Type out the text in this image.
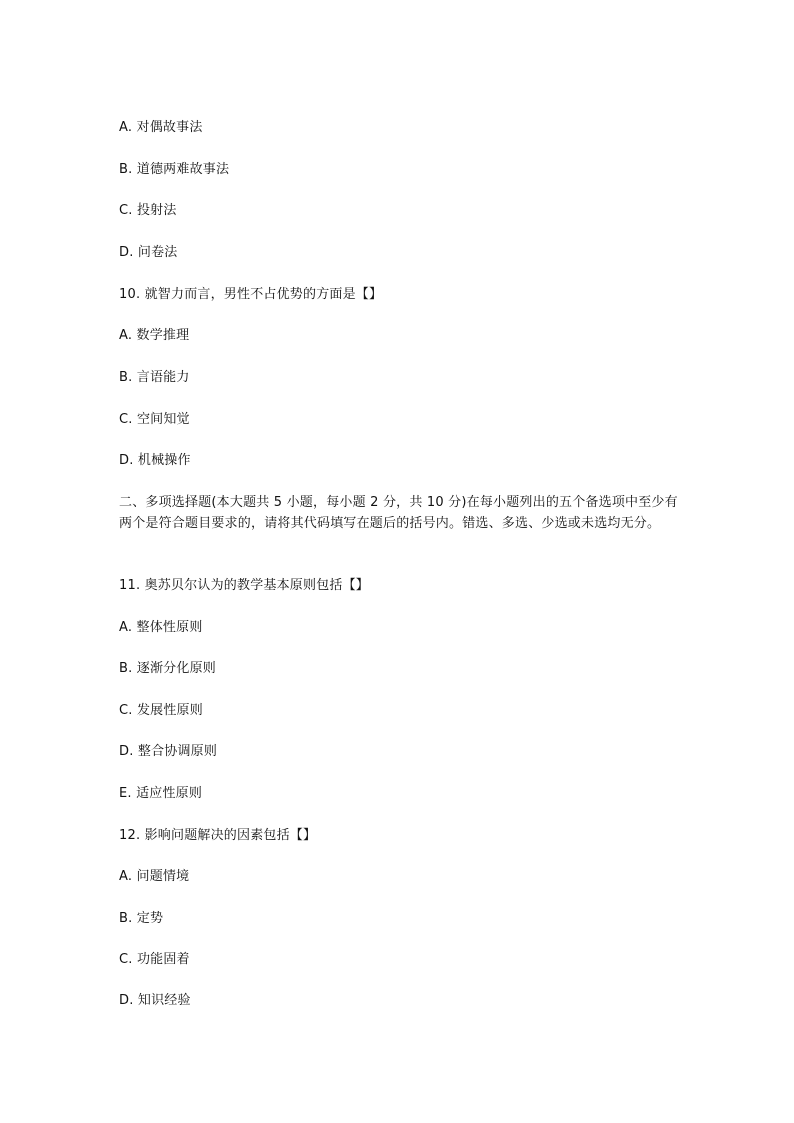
A. 对偶故事法
B. 道德两难故事法
C. 投射法
D. 问卷法
10. 就智力而言，男性不占优势的方面是【】
A. 数学推理
B. 言语能力
C. 空间知觉
D. 机械操作
二、多项选择题(本大题共 5 小题，每小题 2 分，共 10 分)在每小题列出的五个备选项中至少有两个是符合题目要求的，请将其代码填写在题后的括号内。错选、多选、少选或未选均无分。
11. 奥苏贝尔认为的教学基本原则包括【】
A. 整体性原则
B. 逐渐分化原则
C. 发展性原则
D. 整合协调原则
E. 适应性原则
12. 影响问题解决的因素包括【】
A. 问题情境
B. 定势
C. 功能固着
D. 知识经验
